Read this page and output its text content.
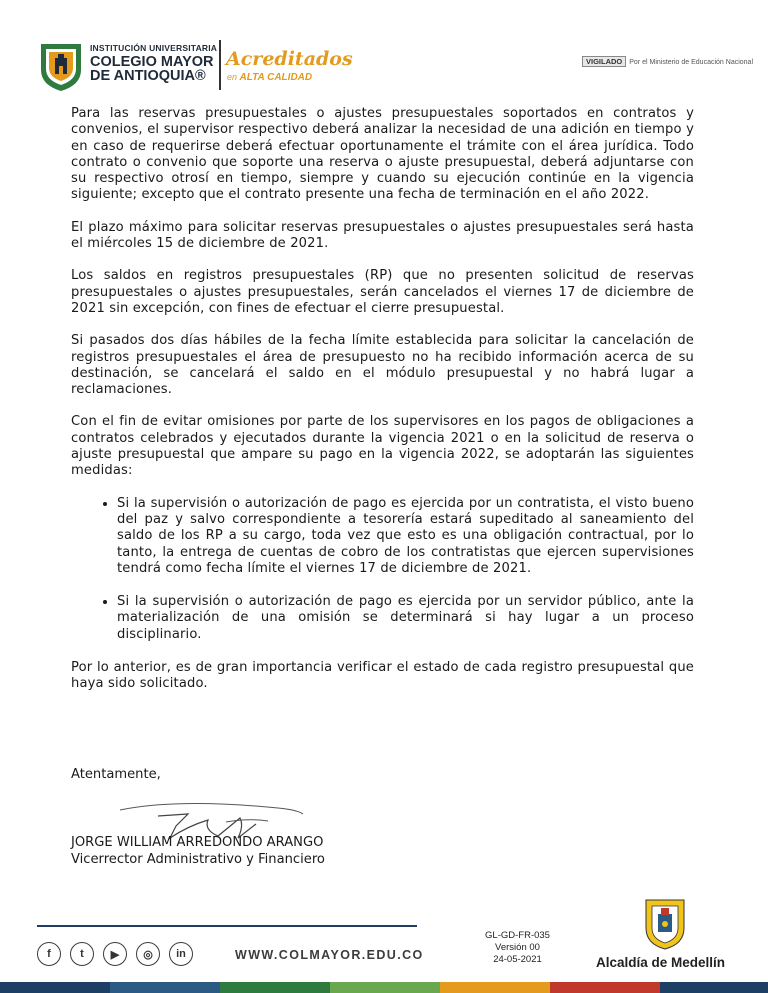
INSTITUCIÓN UNIVERSITARIA
COLEGIO MAYOR
DE ANTIOQUIA®
Acreditados
en ALTA CALIDAD
VIGILADO Por el Ministerio de Educación Nacional

Para las reservas presupuestales o ajustes presupuestales soportados en contratos y convenios, el supervisor respectivo deberá analizar la necesidad de una adición en tiempo y en caso de requerirse deberá efectuar oportunamente el trámite con el área jurídica. Todo contrato o convenio que soporte una reserva o ajuste presupuestal, deberá adjuntarse con su respectivo otrosí en tiempo, siempre y cuando su ejecución continúe en la vigencia siguiente; excepto que el contrato presente una fecha de terminación en el año 2022.

El plazo máximo para solicitar reservas presupuestales o ajustes presupuestales será hasta el miércoles 15 de diciembre de 2021.

Los saldos en registros presupuestales (RP) que no presenten solicitud de reservas presupuestales o ajustes presupuestales, serán cancelados el viernes 17 de diciembre de 2021 sin excepción, con fines de efectuar el cierre presupuestal.

Si pasados dos días hábiles de la fecha límite establecida para solicitar la cancelación de registros presupuestales el área de presupuesto no ha recibido información acerca de su destinación, se cancelará el saldo en el módulo presupuestal y no habrá lugar a reclamaciones.

Con el fin de evitar omisiones por parte de los supervisores en los pagos de obligaciones a contratos celebrados y ejecutados durante la vigencia 2021 o en la solicitud de reserva o ajuste presupuestal que ampare su pago en la vigencia 2022, se adoptarán las siguientes medidas:

• Si la supervisión o autorización de pago es ejercida por un contratista, el visto bueno del paz y salvo correspondiente a tesorería estará supeditado al saneamiento del saldo de los RP a su cargo, toda vez que esto es una obligación contractual, por lo tanto, la entrega de cuentas de cobro de los contratistas que ejercen supervisiones tendrá como fecha límite el viernes 17 de diciembre de 2021.
• Si la supervisión o autorización de pago es ejercida por un servidor público, ante la materialización de una omisión se determinará si hay lugar a un proceso disciplinario.

Por lo anterior, es de gran importancia verificar el estado de cada registro presupuestal que haya sido solicitado.

Atentamente,
JORGE WILLIAM ARREDONDO ARANGO
Vicerrector Administrativo y Financiero
f	t	▶	◎	in	WWW.COLMAYOR.EDU.CO
GL-GD-FR-035
Versión 00
24-05-2021	Alcaldía de Medellín
